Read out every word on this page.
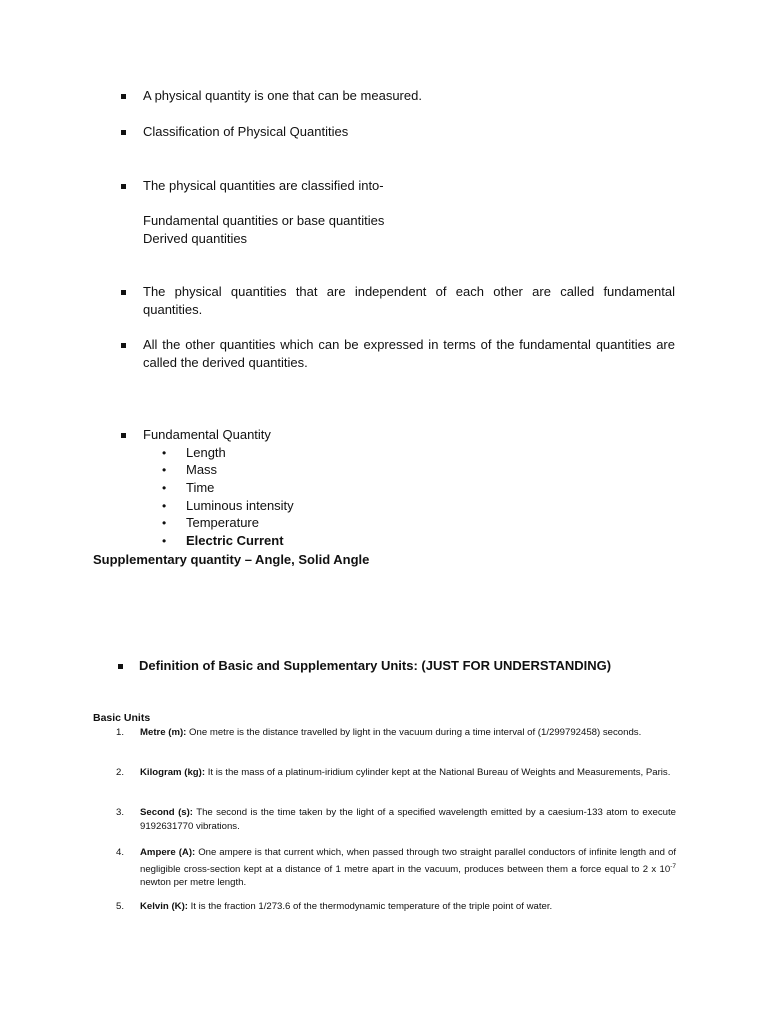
A physical quantity is one that can be measured.
Classification of Physical Quantities
The physical quantities are classified into-
Fundamental quantities or base quantities
Derived quantities
The physical quantities that are independent of each other are called fundamental quantities.
All the other quantities which can be expressed in terms of the fundamental quantities are called the derived quantities.
Fundamental Quantity
• Length
• Mass
• Time
• Luminous intensity
• Temperature
• Electric Current
Supplementary quantity – Angle, Solid Angle
Definition of Basic and Supplementary Units: (JUST FOR UNDERSTANDING)
Basic Units
1. Metre (m): One metre is the distance travelled by light in the vacuum during a time interval of (1/299792458) seconds.
2. Kilogram (kg): It is the mass of a platinum-iridium cylinder kept at the National Bureau of Weights and Measurements, Paris.
3. Second (s): The second is the time taken by the light of a specified wavelength emitted by a caesium-133 atom to execute 9192631770 vibrations.
4. Ampere (A): One ampere is that current which, when passed through two straight parallel conductors of infinite length and of negligible cross-section kept at a distance of 1 metre apart in the vacuum, produces between them a force equal to 2 x $10^{-7}$ newton per metre length.
5. Kelvin (K): It is the fraction 1/273.6 of the thermodynamic temperature of the triple point of water.
